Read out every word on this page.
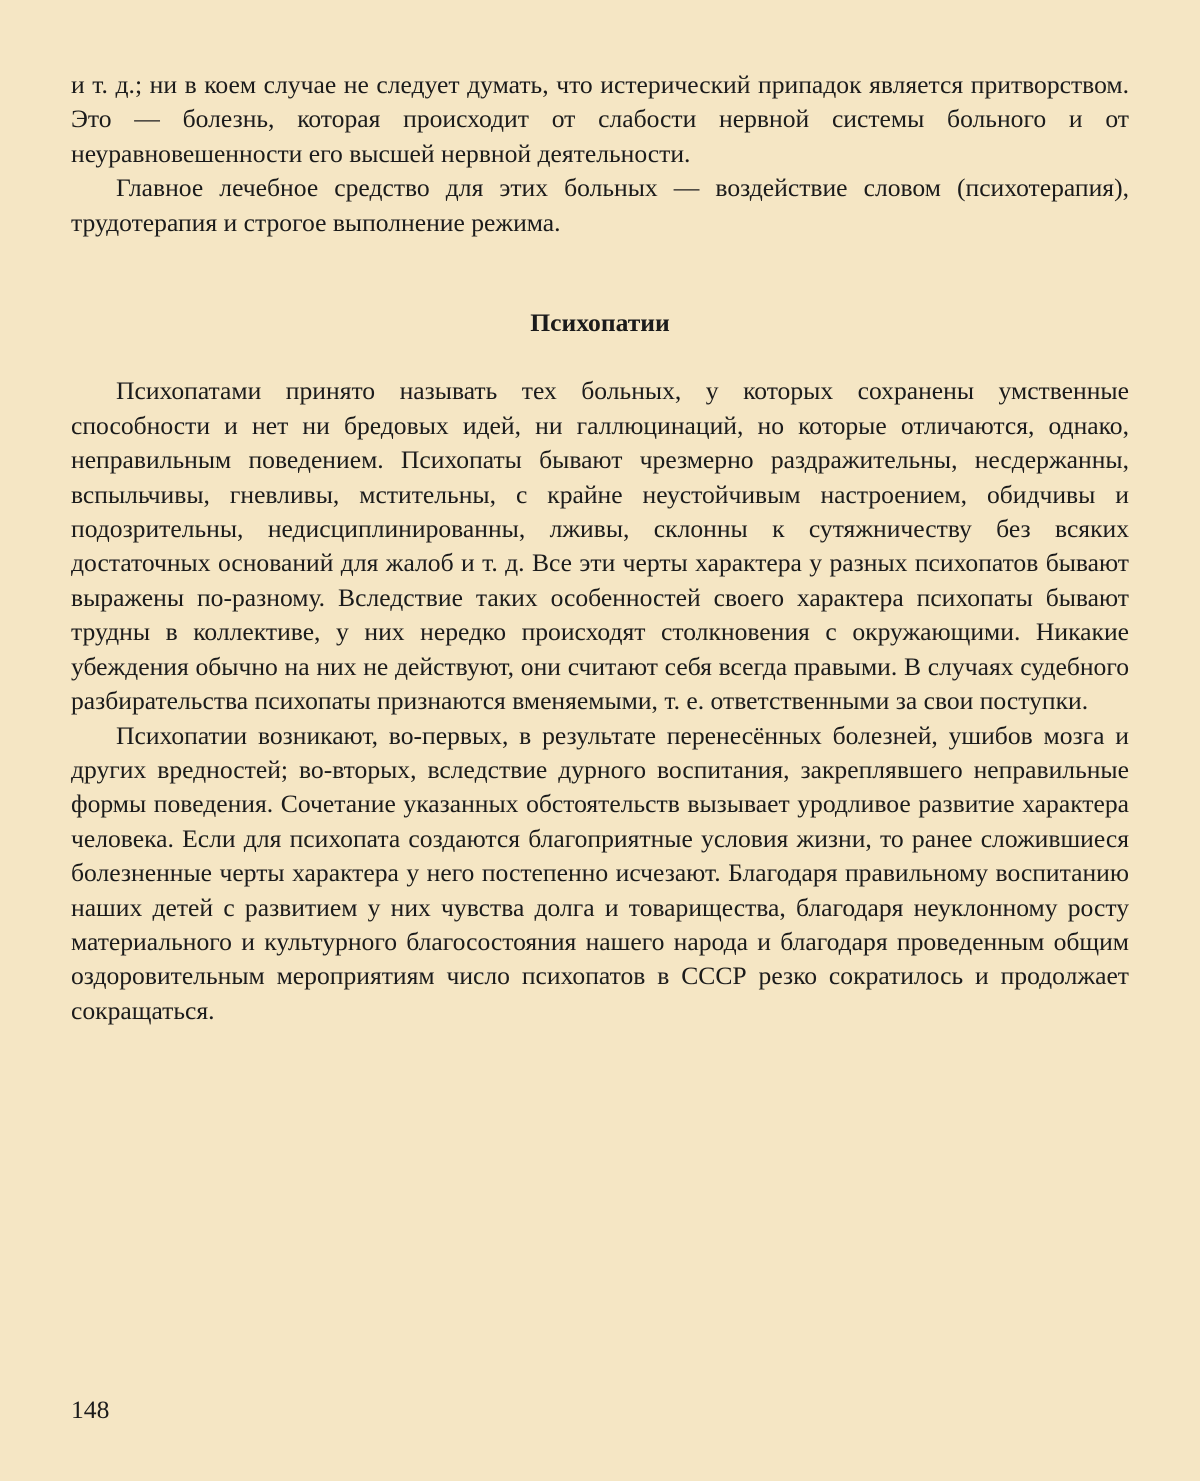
и т. д.; ни в коем случае не следует думать, что истерический припадок является притворством. Это — болезнь, которая происходит от слабости нервной системы больного и от неуравновешенности его высшей нервной деятельности.

Главное лечебное средство для этих больных — воздействие словом (психотерапия), трудотерапия и строгое выполнение режима.

Психопатии

Психопатами принято называть тех больных, у которых сохранены умственные способности и нет ни бредовых идей, ни галлюцинаций, но которые отличаются, однако, неправильным поведением. Психопаты бывают чрезмерно раздражительны, несдержанны, вспыльчивы, гневливы, мстительны, с крайне неустойчивым настроением, обидчивы и подозрительны, недисциплинированны, лживы, склонны к сутяжничеству без всяких достаточных оснований для жалоб и т. д. Все эти черты характера у разных психопатов бывают выражены по-разному. Вследствие таких особенностей своего характера психопаты бывают трудны в коллективе, у них нередко происходят столкновения с окружающими. Никакие убеждения обычно на них не действуют, они считают себя всегда правыми. В случаях судебного разбирательства психопаты признаются вменяемыми, т. е. ответственными за свои поступки.

Психопатии возникают, во-первых, в результате перенесённых болезней, ушибов мозга и других вредностей; во-вторых, вследствие дурного воспитания, закреплявшего неправильные формы поведения. Сочетание указанных обстоятельств вызывает уродливое развитие характера человека. Если для психопата создаются благоприятные условия жизни, то ранее сложившиеся болезненные черты характера у него постепенно исчезают. Благодаря правильному воспитанию наших детей с развитием у них чувства долга и товарищества, благодаря неуклонному росту материального и культурного благосостояния нашего народа и благодаря проведенным общим оздоровительным мероприятиям число психопатов в СССР резко сократилось и продолжает сокращаться.

148
